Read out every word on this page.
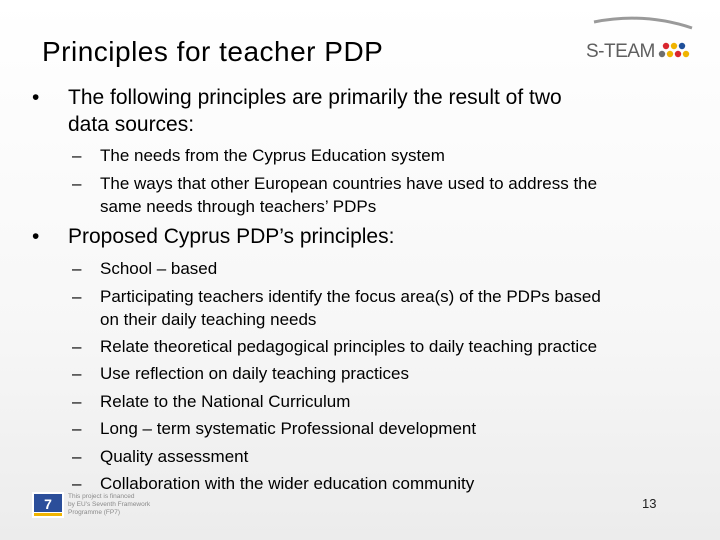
Principles for teacher PDP	S-TEAM
• The following principles are primarily the result of two
data sources:
– The needs from the Cyprus Education system
– The ways that other European countries have used to address the
same needs through teachers’ PDPs
• Proposed Cyprus PDP’s principles:
– School – based
– Participating teachers identify the focus area(s) of the PDPs based
on their daily teaching needs
– Relate theoretical pedagogical principles to daily teaching practice
– Use reflection on daily teaching practices
– Relate to the National Curriculum
– Long – term systematic Professional development
– Quality assessment
– Collaboration with the wider education community
7 This project is financed
by EU's Seventh Framework
Programme (FP7)
13
